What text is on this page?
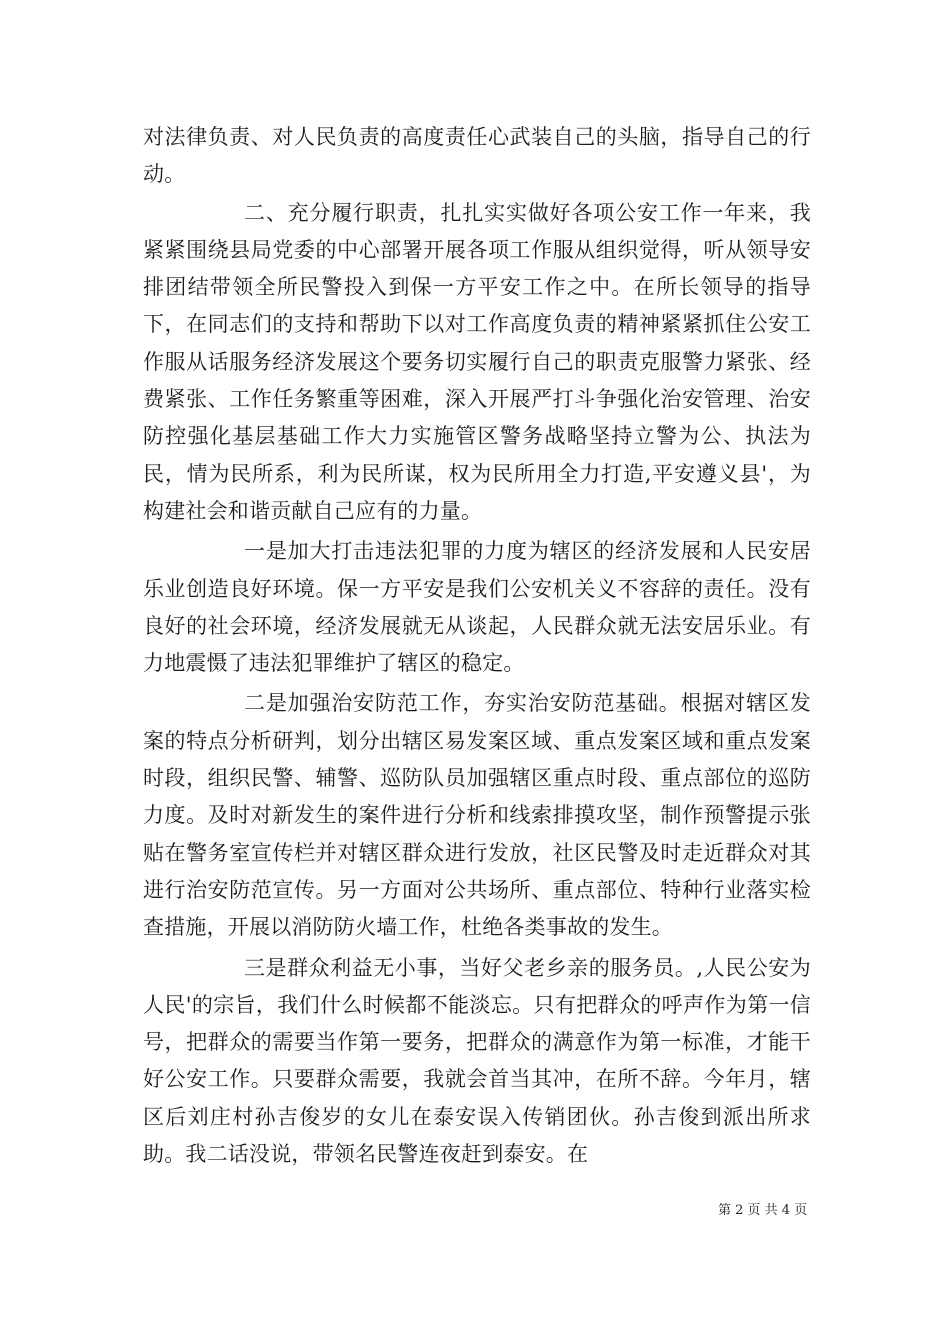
对法律负责、对人民负责的高度责任心武装自己的头脑，指导自己的行动。

二、充分履行职责，扎扎实实做好各项公安工作一年来，我紧紧围绕县局党委的中心部署开展各项工作服从组织觉得，听从领导安排团结带领全所民警投入到保一方平安工作之中。在所长领导的指导下，在同志们的支持和帮助下以对工作高度负责的精神紧紧抓住公安工作服从话服务经济发展这个要务切实履行自己的职责克服警力紧张、经费紧张、工作任务繁重等困难，深入开展严打斗争强化治安管理、治安防控强化基层基础工作大力实施管区警务战略坚持立警为公、执法为民，情为民所系，利为民所谋，权为民所用全力打造,平安遵义县'，为构建社会和谐贡献自己应有的力量。

一是加大打击违法犯罪的力度为辖区的经济发展和人民安居乐业创造良好环境。保一方平安是我们公安机关义不容辞的责任。没有良好的社会环境，经济发展就无从谈起，人民群众就无法安居乐业。有力地震慑了违法犯罪维护了辖区的稳定。

二是加强治安防范工作，夯实治安防范基础。根据对辖区发案的特点分析研判，划分出辖区易发案区域、重点发案区域和重点发案时段，组织民警、辅警、巡防队员加强辖区重点时段、重点部位的巡防力度。及时对新发生的案件进行分析和线索排摸攻坚，制作预警提示张贴在警务室宣传栏并对辖区群众进行发放，社区民警及时走近群众对其进行治安防范宣传。另一方面对公共场所、重点部位、特种行业落实检查措施，开展以消防防火墙工作，杜绝各类事故的发生。

三是群众利益无小事，当好父老乡亲的服务员。,人民公安为人民'的宗旨，我们什么时候都不能淡忘。只有把群众的呼声作为第一信号，把群众的需要当作第一要务，把群众的满意作为第一标准，才能干好公安工作。只要群众需要，我就会首当其冲，在所不辞。今年月，辖区后刘庄村孙吉俊岁的女儿在泰安误入传销团伙。孙吉俊到派出所求助。我二话没说，带领名民警连夜赶到泰安。在

第 2 页 共 4 页
